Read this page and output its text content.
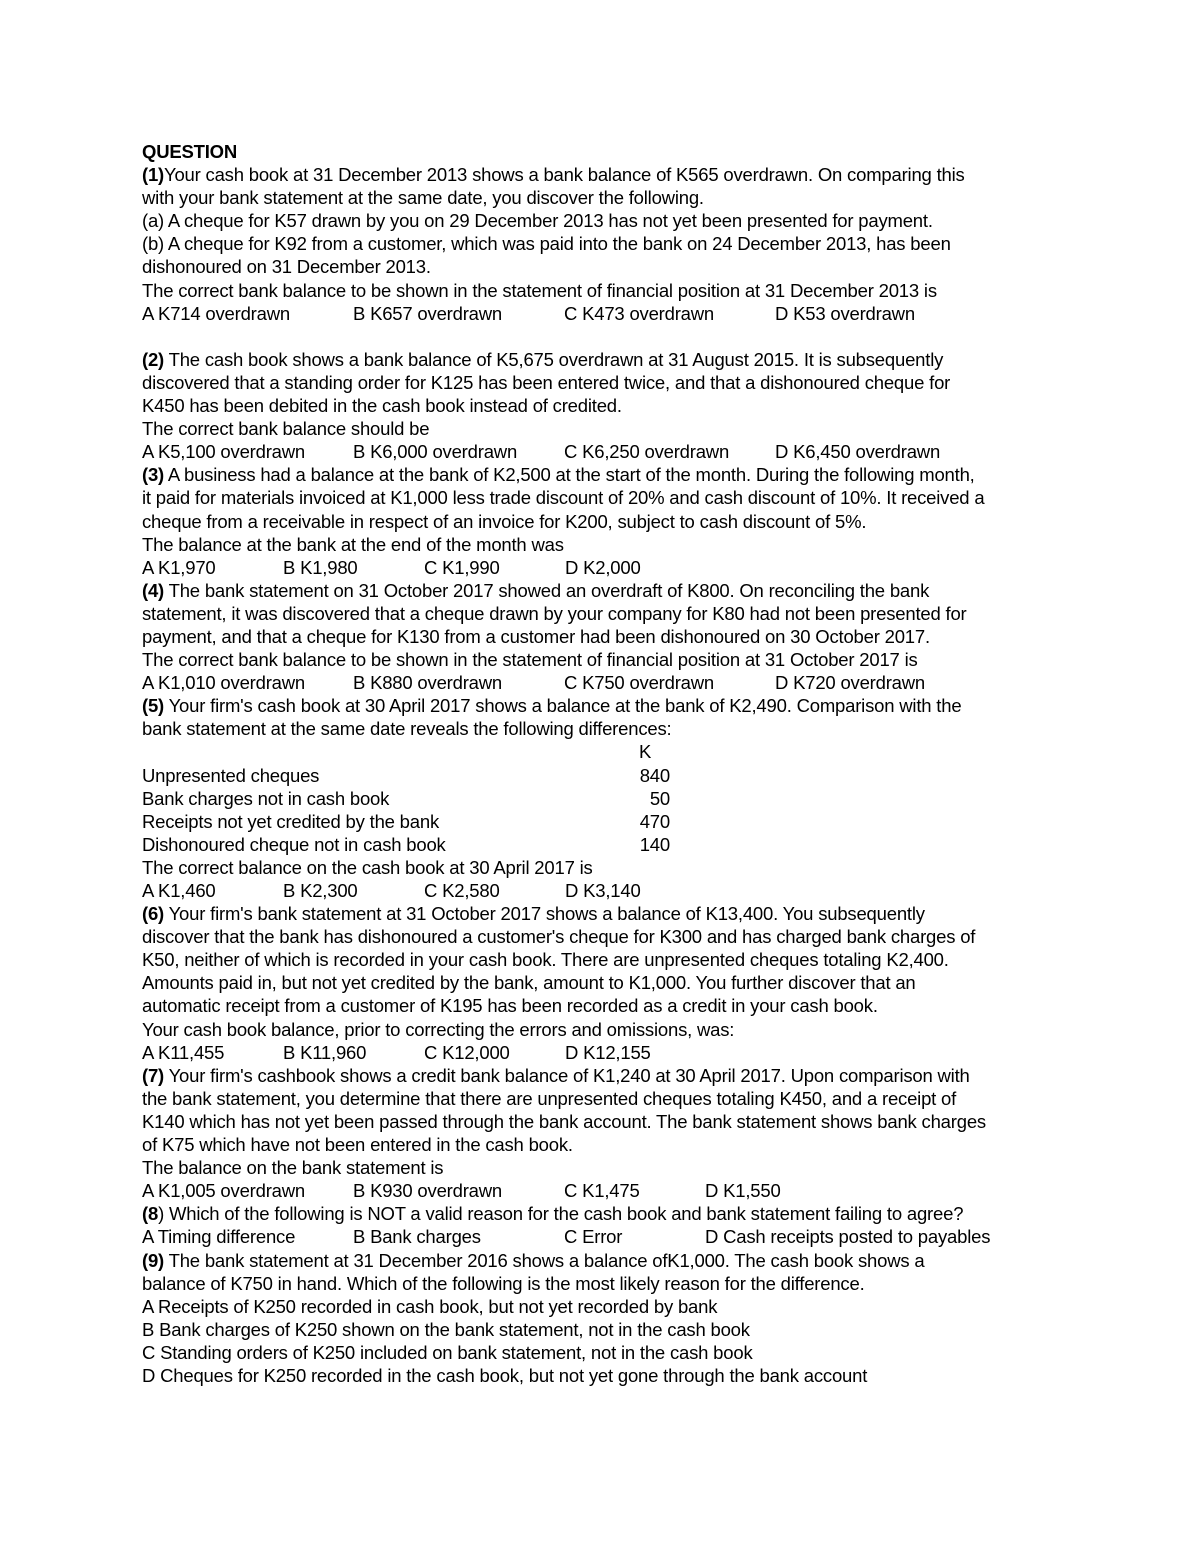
QUESTION
(1)Your cash book at 31 December 2013 shows a bank balance of K565 overdrawn. On comparing this
with your bank statement at the same date, you discover the following.
(a) A cheque for K57 drawn by you on 29 December 2013 has not yet been presented for payment.
(b) A cheque for K92 from a customer, which was paid into the bank on 24 December 2013, has been
dishonoured on 31 December 2013.
The correct bank balance to be shown in the statement of financial position at 31 December 2013 is
A K714 overdrawn	B K657 overdrawn	C K473 overdrawn	D K53 overdrawn
(2) The cash book shows a bank balance of K5,675 overdrawn at 31 August 2015. It is subsequently
discovered that a standing order for K125 has been entered twice, and that a dishonoured cheque for
K450 has been debited in the cash book instead of credited.
The correct bank balance should be
A K5,100 overdrawn	B K6,000 overdrawn	C K6,250 overdrawn D K6,450 overdrawn
(3) A business had a balance at the bank of K2,500 at the start of the month. During the following month,
it paid for materials invoiced at K1,000 less trade discount of 20% and cash discount of 10%. It received a
cheque from a receivable in respect of an invoice for K200, subject to cash discount of 5%.
The balance at the bank at the end of the month was
A K1,970	B K1,980	C K1,990	D K2,000
(4) The bank statement on 31 October 2017 showed an overdraft of K800. On reconciling the bank
statement, it was discovered that a cheque drawn by your company for K80 had not been presented for
payment, and that a cheque for K130 from a customer had been dishonoured on 30 October 2017.
The correct bank balance to be shown in the statement of financial position at 31 October 2017 is
A K1,010 overdrawn	B K880 overdrawn	C K750 overdrawn	D K720 overdrawn
(5) Your firm's cash book at 30 April 2017 shows a balance at the bank of K2,490. Comparison with the
bank statement at the same date reveals the following differences:
K
Unpresented cheques	840
Bank charges not in cash book	50
Receipts not yet credited by the bank	470
Dishonoured cheque not in cash book	140
The correct balance on the cash book at 30 April 2017 is
A K1,460	B K2,300	C K2,580	D K3,140
(6) Your firm's bank statement at 31 October 2017 shows a balance of K13,400. You subsequently
discover that the bank has dishonoured a customer's cheque for K300 and has charged bank charges of
K50, neither of which is recorded in your cash book. There are unpresented cheques totaling K2,400.
Amounts paid in, but not yet credited by the bank, amount to K1,000. You further discover that an
automatic receipt from a customer of K195 has been recorded as a credit in your cash book.
Your cash book balance, prior to correcting the errors and omissions, was:
A K11,455	B K11,960	C K12,000	D K12,155
(7) Your firm's cashbook shows a credit bank balance of K1,240 at 30 April 2017. Upon comparison with
the bank statement, you determine that there are unpresented cheques totaling K450, and a receipt of
K140 which has not yet been passed through the bank account. The bank statement shows bank charges
of K75 which have not been entered in the cash book.
The balance on the bank statement is
A K1,005 overdrawn	B K930 overdrawn	C K1,475	D K1,550
(8) Which of the following is NOT a valid reason for the cash book and bank statement failing to agree?
A Timing difference	B Bank charges	C Error	D Cash receipts posted to payables
(9) The bank statement at 31 December 2016 shows a balance ofK1,000. The cash book shows a
balance of K750 in hand. Which of the following is the most likely reason for the difference.
A Receipts of K250 recorded in cash book, but not yet recorded by bank
B Bank charges of K250 shown on the bank statement, not in the cash book
C Standing orders of K250 included on bank statement, not in the cash book
D Cheques for K250 recorded in the cash book, but not yet gone through the bank account
